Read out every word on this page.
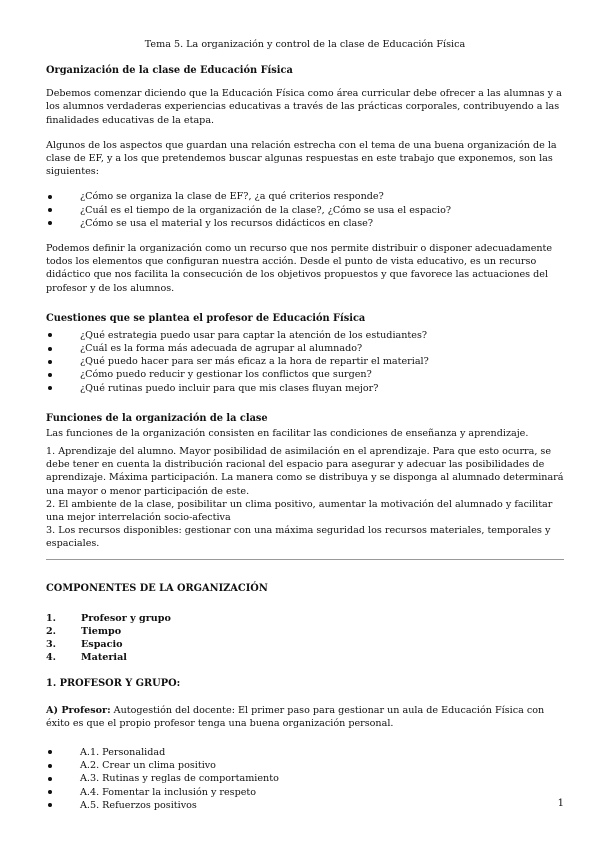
Tema 5. La organización y control de la clase de Educación Física
Organización de la clase de Educación Física

Debemos comenzar diciendo que la Educación Física como área curricular debe ofrecer a las alumnas y a los alumnos verdaderas experiencias educativas a través de las prácticas corporales, contribuyendo a las finalidades educativas de la etapa.

Algunos de los aspectos que guardan una relación estrecha con el tema de una buena organización de la clase de EF, y a los que pretendemos buscar algunas respuestas en este trabajo que exponemos, son las siguientes:

¿Cómo se organiza la clase de EF?, ¿a qué criterios responde?
¿Cuál es el tiempo de la organización de la clase?, ¿Cómo se usa el espacio?
¿Cómo se usa el material y los recursos didácticos en clase?

Podemos definir la organización como un recurso que nos permite distribuir o disponer adecuadamente todos los elementos que configuran nuestra acción. Desde el punto de vista educativo, es un recurso didáctico que nos facilita la consecución de los objetivos propuestos y que favorece las actuaciones del profesor y de los alumnos.

Cuestiones que se plantea el profesor de Educación Física
¿Qué estrategia puedo usar para captar la atención de los estudiantes?
¿Cuál es la forma más adecuada de agrupar al alumnado?
¿Qué puedo hacer para ser más eficaz a la hora de repartir el material?
¿Cómo puedo reducir y gestionar los conflictos que surgen?
¿Qué rutinas puedo incluir para que mis clases fluyan mejor?
Funciones de la organización de la clase

Las funciones de la organización consisten en facilitar las condiciones de enseñanza y aprendizaje.

1. Aprendizaje del alumno. Mayor posibilidad de asimilación en el aprendizaje. Para que esto ocurra, se debe tener en cuenta la distribución racional del espacio para asegurar y adecuar las posibilidades de aprendizaje. Máxima participación. La manera como se distribuya y se disponga al alumnado determinará una mayor o menor participación de este.
2. El ambiente de la clase, posibilitar un clima positivo, aumentar la motivación del alumnado y facilitar una mejor interrelación socio-afectiva
3. Los recursos disponibles: gestionar con una máxima seguridad los recursos materiales, temporales y espaciales.
COMPONENTES DE LA ORGANIZACIÓN
1.	Profesor y grupo
2.	Tiempo
3.	Espacio
4.	Material
1. PROFESOR Y GRUPO:

A) Profesor: Autogestión del docente: El primer paso para gestionar un aula de Educación Física con éxito es que el propio profesor tenga una buena organización personal.

A.1. Personalidad
A.2. Crear un clima positivo
A.3. Rutinas y reglas de comportamiento
A.4. Fomentar la inclusión y respeto
A.5. Refuerzos positivos	1
